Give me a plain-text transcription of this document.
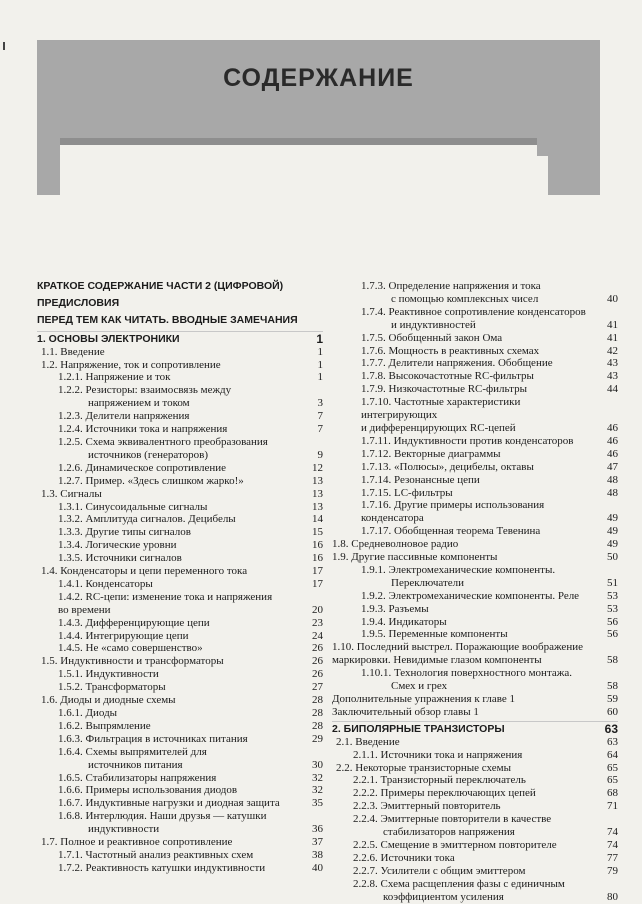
СОДЕРЖАНИЕ
КРАТКОЕ СОДЕРЖАНИЕ ЧАСТИ 2 (ЦИФРОВОЙ)
ПРЕДИСЛОВИЯ
ПЕРЕД ТЕМ КАК ЧИТАТЬ. ВВОДНЫЕ ЗАМЕЧАНИЯ
1. ОСНОВЫ ЭЛЕКТРОНИКИ	1
1.1. Введение	1
1.2. Напряжение, ток и сопротивление	1
1.2.1. Напряжение и ток	1
1.2.2. Резисторы: взаимосвязь между
напряжением и током	3
1.2.3. Делители напряжения	7
1.2.4. Источники тока и напряжения	7
1.2.5. Схема эквивалентного преобразования
источников (генераторов)	9
1.2.6. Динамическое сопротивление	12
1.2.7. Пример. «Здесь слишком жарко!»	13
1.3. Сигналы	13
1.3.1. Синусоидальные сигналы	13
1.3.2. Амплитуда сигналов. Децибелы	14
1.3.3. Другие типы сигналов	15
1.3.4. Логические уровни	16
1.3.5. Источники сигналов	16
1.4. Конденсаторы и цепи переменного тока	17
1.4.1. Конденсаторы	17
1.4.2. RC-цепи: изменение тока и напряжения
во времени	20
1.4.3. Дифференцирующие цепи	23
1.4.4. Интегрирующие цепи	24
1.4.5. Не «само совершенство»	26
1.5. Индуктивности и трансформаторы	26
1.5.1. Индуктивности	26
1.5.2. Трансформаторы	27
1.6. Диоды и диодные схемы	28
1.6.1. Диоды	28
1.6.2. Выпрямление	28
1.6.3. Фильтрация в источниках питания	29
1.6.4. Схемы выпрямителей для
источников питания	30
1.6.5. Стабилизаторы напряжения	32
1.6.6. Примеры использования диодов	32
1.6.7. Индуктивные нагрузки и диодная защита	35
1.6.8. Интерлюдия. Наши друзья — катушки
индуктивности	36
1.7. Полное и реактивное сопротивление	37
1.7.1. Частотный анализ реактивных схем	38
1.7.2. Реактивность катушки индуктивности	40
1.7.3. Определение напряжения и тока
с помощью комплексных чисел	40
1.7.4. Реактивное сопротивление конденсаторов
и индуктивностей	41
1.7.5. Обобщенный закон Ома	41
1.7.6. Мощность в реактивных схемах	42
1.7.7. Делители напряжения. Обобщение	43
1.7.8. Высокочастотные RC-фильтры	43
1.7.9. Низкочастотные RC-фильтры	44
1.7.10. Частотные характеристики интегрирующих
и дифференцирующих RC-цепей	46
1.7.11. Индуктивности против конденсаторов	46
1.7.12. Векторные диаграммы	46
1.7.13. «Полюсы», децибелы, октавы	47
1.7.14. Резонансные цепи	48
1.7.15. LC-фильтры	48
1.7.16. Другие примеры использования конденсатора	49
1.7.17. Обобщенная теорема Тевенина	49
1.8. Средневолновое радио	49
1.9. Другие пассивные компоненты	50
1.9.1. Электромеханические компоненты.
Переключатели	51
1.9.2. Электромеханические компоненты. Реле	53
1.9.3. Разъемы	53
1.9.4. Индикаторы	56
1.9.5. Переменные компоненты	56
1.10. Последний выстрел. Поражающие воображение
маркировки. Невидимые глазом компоненты	58
1.10.1. Технология поверхностного монтажа.
Смех и грех	58
Дополнительные упражнения к главе 1	59
Заключительный обзор главы 1	60
2. БИПОЛЯРНЫЕ ТРАНЗИСТОРЫ	63
2.1. Введение	63
2.1.1. Источники тока и напряжения	64
2.2. Некоторые транзисторные схемы	65
2.2.1. Транзисторный переключатель	65
2.2.2. Примеры переключающих цепей	68
2.2.3. Эмиттерный повторитель	71
2.2.4. Эмиттерные повторители в качестве
стабилизаторов напряжения	74
2.2.5. Смещение в эмиттерном повторителе	74
2.2.6. Источники тока	77
2.2.7. Усилители с общим эмиттером	79
2.2.8. Схема расщепления фазы с единичным
коэффициентом усиления	80
